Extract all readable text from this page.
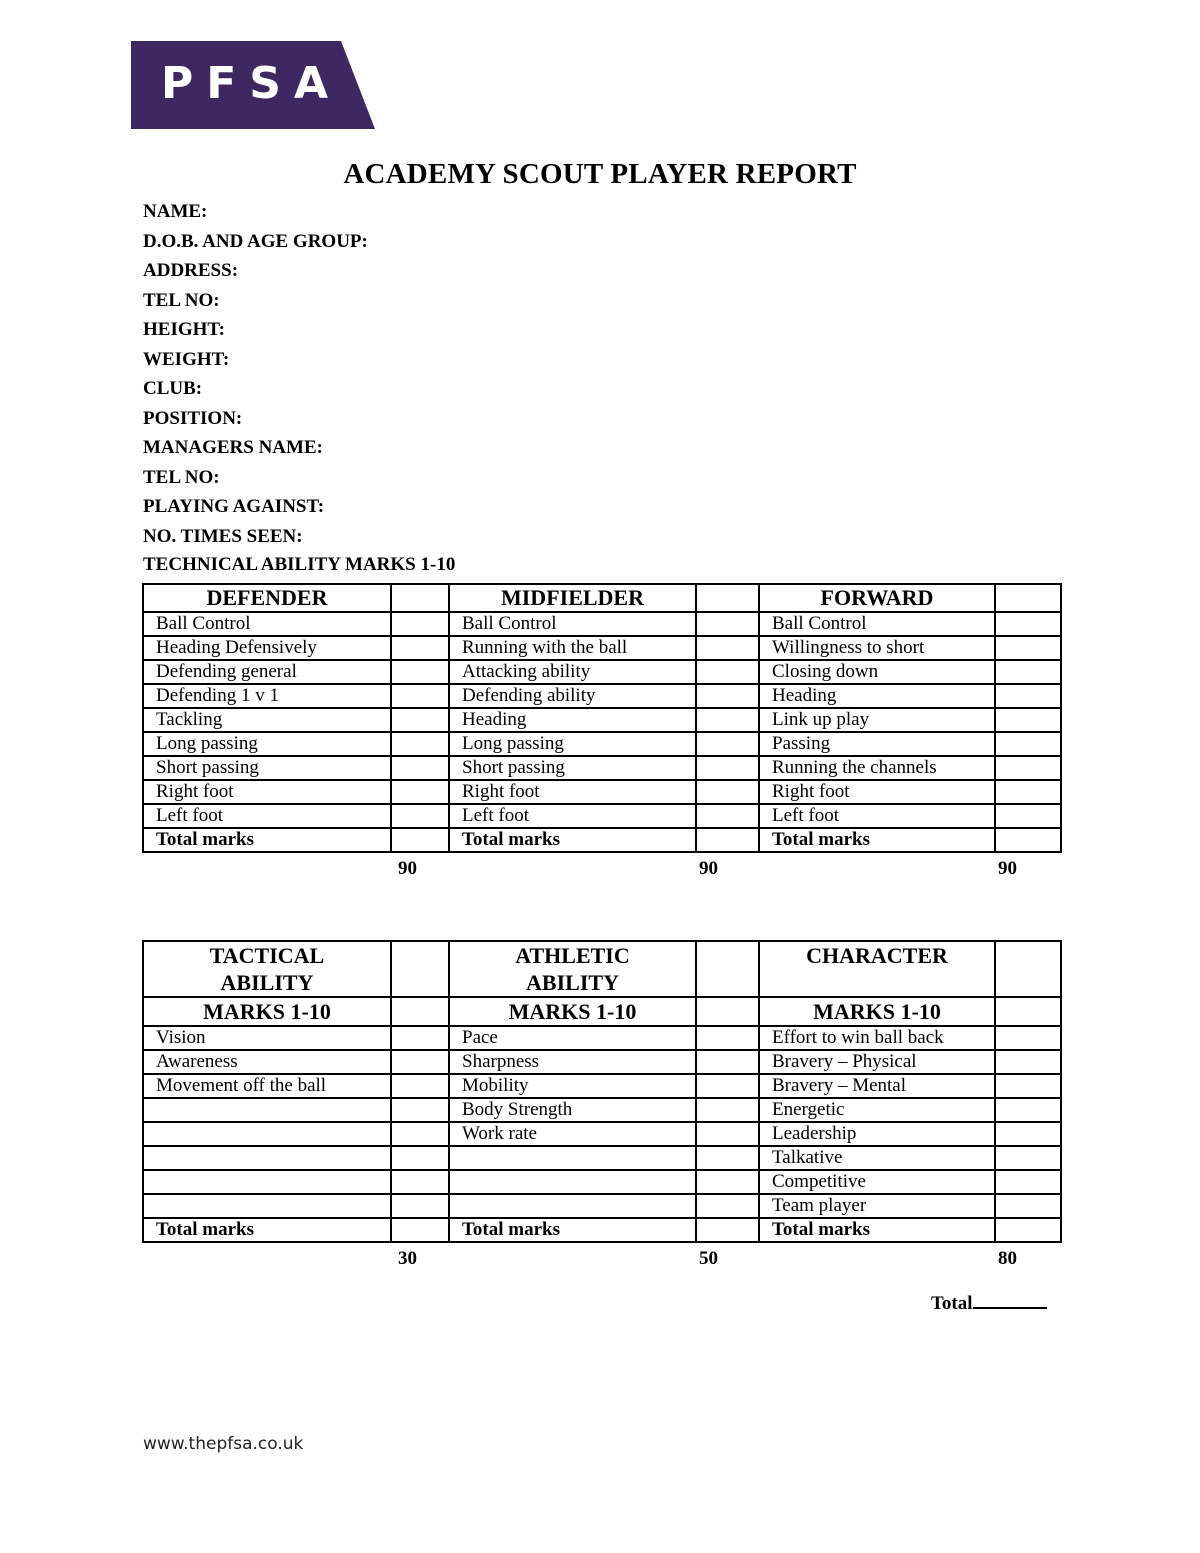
PFSA
ACADEMY SCOUT PLAYER REPORT
NAME:
D.O.B. AND AGE GROUP:
ADDRESS:
TEL NO:
HEIGHT:
WEIGHT:
CLUB:
POSITION:
MANAGERS NAME:
TEL NO:
PLAYING AGAINST:
NO. TIMES SEEN:
TECHNICAL ABILITY MARKS 1-10
DEFENDER		MIDFIELDER		FORWARD	
Ball Control		Ball Control		Ball Control	
Heading Defensively		Running with the ball		Willingness to short	
Defending general		Attacking ability		Closing down	
Defending 1 v 1		Defending ability		Heading	
Tackling		Heading		Link up play	
Long passing		Long passing		Passing	
Short passing		Short passing		Running the channels	
Right foot		Right foot		Right foot	
Left foot		Left foot		Left foot	
Total marks		Total marks		Total marks	
90	90	90
TACTICAL ABILITY		ATHLETIC ABILITY		CHARACTER	
MARKS 1-10		MARKS 1-10		MARKS 1-10	
Vision		Pace		Effort to win ball back	
Awareness		Sharpness		Bravery – Physical	
Movement off the ball		Mobility		Bravery – Mental	
		Body Strength		Energetic	
		Work rate		Leadership	
				Talkative	
				Competitive	
				Team player	
Total marks		Total marks		Total marks	
30	50	80
Total
www.thepfsa.co.uk
